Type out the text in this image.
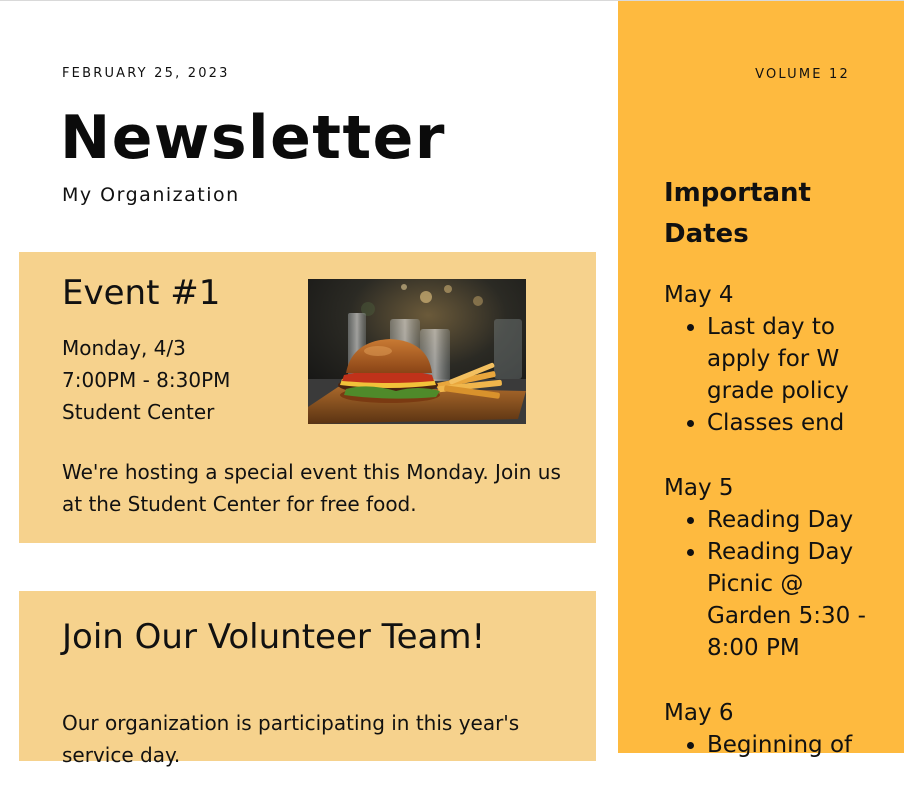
FEBRUARY 25, 2023
Newsletter
My Organization
Event #1
Monday, 4/3
7:00PM - 8:30PM
Student Center
We're hosting a special event this Monday. Join us at the Student Center for free food.
Join Our Volunteer Team!
Our organization is participating in this year's service day.
VOLUME 12
Important Dates
May 4
• Last day to apply for W grade policy
• Classes end
May 5
• Reading Day
• Reading Day Picnic @ Garden 5:30 - 8:00 PM
May 6
• Beginning of
